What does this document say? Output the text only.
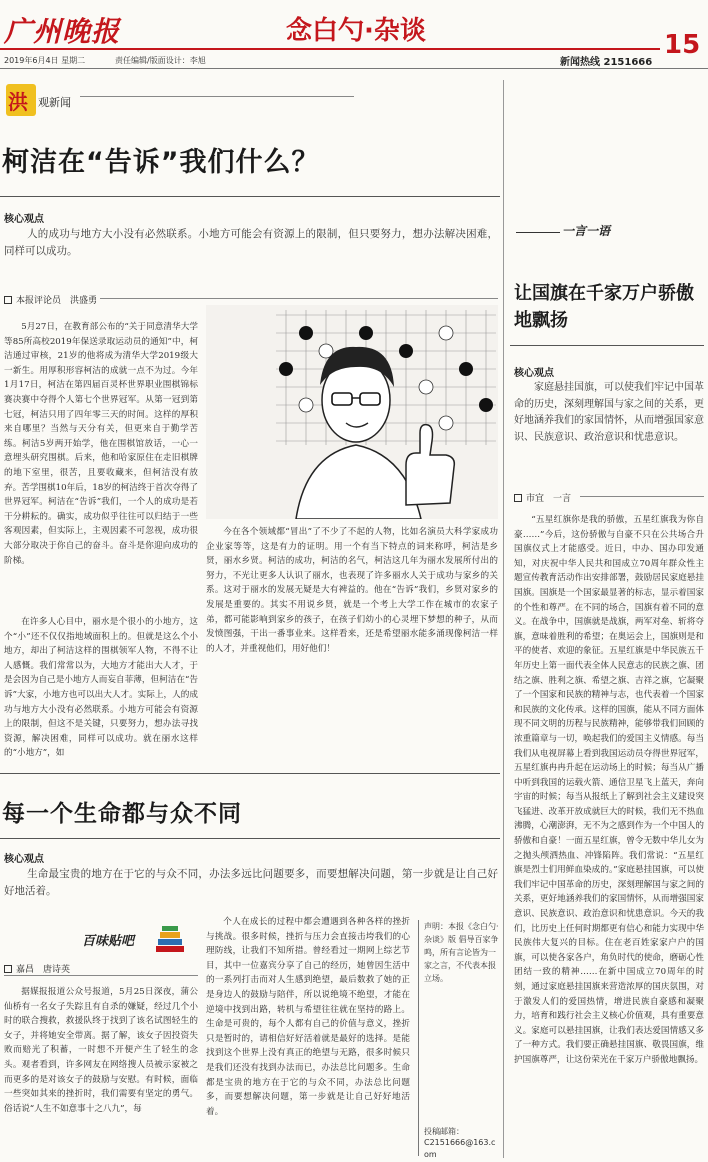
广州晚报	念白勺·杂谈	15
2019年6月4日 星期二	责任编辑/版面设计：李旭	新闻热线 2151666
洪 观新闻
柯洁在“告诉”我们什么？
核心观点
人的成功与地方大小没有必然联系。小地方可能会有资源上的限制，但只要努力，想办法解决困难，同样可以成功。
本报评论员　洪盛勇
5月27日，在教育部公布的“关于同意清华大学等85所高校2019年保送录取运动员的通知”中，柯洁通过审核，21岁的他将成为清华大学2019级大一新生。用厚积形容柯洁的成就一点不为过。今年1月17日，柯洁在第四届百灵杯世界职业围棋锦标赛决赛中夺得个人第七个世界冠军。从第一冠到第七冠，柯洁只用了四年零三天的时间。这样的厚积来自哪里？当然与天分有关，但更来自于勤学苦练。柯洁5岁两开始学，他在围棋馆放话，一心一意埋头研究围棋。后来，他和哈家原住在走旧棋牌的地下室里，很苦，且要收藏来，但柯洁没有放弃。苦学围棋10年后，18岁的柯洁终于首次夺得了世界冠军。柯洁在“告诉”我们，一个人的成功是若干分耕耘的。确实，成功似乎往往可以归结于一些客观因素，但实际上，主观因素不可忽视，成功很大部分取决于你自己的奋斗。奋斗是你迎向成功的阶梯。
在许多人心目中，丽水是个很小的小地方，这个“小”还不仅仅指地域面积上的。但就是这么个小地方，却出了柯洁这样的围棋领军人物，不得不让人感慨。我们常常以为，大地方才能出大人才，于是会因为自己是小地方人而妄自菲薄，但柯洁在“告诉”大家，小地方也可以出大人才。实际上，人的成功与地方大小没有必然联系。小地方可能会有资源上的限制，但这不是关键，只要努力，想办法寻找资源，解决困难，同样可以成功。就在丽水这样的“小地方”，如
今在各个领域都“冒出”了不少了不起的人物，比如名演员大科学家成功企业家等等，这是有力的证明。用一个有当下特点的词来称呼，柯洁是乡贤，丽水乡贤。柯洁的成功，柯洁的名气，柯洁这几年为丽水发展所付出的努力，不光让更多人认识了丽水，也表现了许多丽水人关于成功与家乡的关系。这对于丽水的发展无疑是大有裨益的。他在“告诉”我们，乡贤对家乡的发展是重要的。其实不用说乡贤，就是一个考上大学工作在城市的农家子弟，都可能影响到家乡的孩子，在孩子们幼小的心灵埋下梦想的种子，从而发愤图强，干出一番事业来。这样看来，还是希望丽水能多涌现像柯洁一样的人才，并重视他们，用好他们！
每一个生命都与众不同
核心观点
生命最宝贵的地方在于它的与众不同，办法多远比问题要多，而要想解决问题，第一步就是让自己好好地活着。
百味贴吧
嘉昌　唐诗英
据媒报报道公众号报道，5月25日深夜，蒲公仙桥有一名女子失踪且有自杀的嫌疑，经过几个小时的联合搜救，救援队终于找到了该名试图轻生的女子，并将她安全带离。据了解，该女子因投资失败而赔光了积蓄，一时想不开便产生了轻生的念头。观者看到，许多网友在网络搜人员被示家被之而更多的是对该女子的鼓励与安慰。有时候，面临一些突如其来的挫折时，我们需要有坚定的勇气。俗话说“人生不如意事十之八九”，每
个人在成长的过程中都会遭遇到各种各样的挫折与挑战。很多时候，挫折与压力会直接击垮我们的心理防线，让我们不知所措。曾经看过一期网上综艺节目，其中一位嘉宾分享了自己的经历，她曾因生活中的一系列打击而对人生感到绝望，最后数救了她的正是身边人的鼓励与陪伴，所以说绝境不绝望，才能在逆境中找到出路，转机与希望往往就在坚持的路上。生命是可贵的，每个人都有自己的价值与意义，挫折只是暂时的，请相信好好活着就是最好的选择。是能找到这个世界上没有真正的绝望与无路，很多时候只是我们还没有找到办法而已，办法总比问题多。生命都是宝贵的地方在于它的与众不同，办法总比问题多，而要想解决问题，第一步就是让自己好好地活着。
声明：本报《念白勺·杂谈》版 倡导百家争鸣，所有言论皆为一家之言，不代表本报立场。
投稿邮箱：
C2151666@163.com
一言一语
让国旗在千家万户骄傲地飘扬
核心观点
家庭悬挂国旗，可以使我们牢记中国革命的历史，深刻理解国与家之间的关系，更好地涵养我们的家国情怀，从而增强国家意识、民族意识、政治意识和忧患意识。
市宜　一言
“五星红旗你是我的骄傲，五星红旗我为你自豪……”今后，这份骄傲与自豪不只在公共场合升国旗仪式上才能感受。近日，中办、国办印发通知，对庆祝中华人民共和国成立70周年群众性主题宣传教育活动作出安排部署，鼓励居民家庭悬挂国旗。国旗是一个国家最显著的标志，显示着国家的个性和尊严。在不同的场合，国旗有着不同的意义。在战争中，国旗就是战旗，两军对垒、斩将夺旗，意味着胜利的希望；在奥运会上，国旗则是和平的使者、欢迎的象征。五星红旗是中华民族五千年历史上第一面代表全体人民意志的民族之旗、团结之旗、胜利之旗、希望之旗、吉祥之旗，它凝聚了一个国家和民族的精神与志，也代表着一个国家和民族的文化传承。这样的国旗，能从不同方面体现不同文明的历程与民族精神，能够带我们回顾的浓重篇章与一切，唤起我们的爱国主义情感。每当我们从电视屏幕上看到我国运动员夺得世界冠军，五星红旗冉冉升起在运动场上的时候；每当从广播中听到我国的运载火箭、通信卫星飞上蓝天，奔向宇宙的时候；每当从报纸上了解到社会主义建设突飞猛进、改革开放成就巨大的时候，我们无不热血沸腾，心潮澎湃，无不为之感到作为一个中国人的骄傲和自豪！一面五星红旗，曾令无数中华儿女为之抛头颅洒热血、冲锋陷阵。我们常说：“五星红旗是烈士们用鲜血染成的。”家庭悬挂国旗，可以使我们牢记中国革命的历史，深刻理解国与家之间的关系，更好地涵养我们的家国情怀，从而增强国家意识、民族意识、政治意识和忧患意识。今天的我们，比历史上任何时期都更有信心和能力实现中华民族伟大复兴的目标。住在老百姓家家户户的国旗，可以使各家各户，角负时代的使命，磨砺心性团结一致的精神……在新中国成立70周年的时刻，通过家庭悬挂国旗来营造浓厚的国庆氛围，对于激发人们的爱国热情，增进民族自豪感和凝聚力，培育和践行社会主义核心价值观，具有重要意义。家庭可以悬挂国旗，让我们表达爱国情感又多了一种方式。我们要正确悬挂国旗、敬畏国旗，维护国旗尊严，让这份荣光在千家万户骄傲地飘扬。
